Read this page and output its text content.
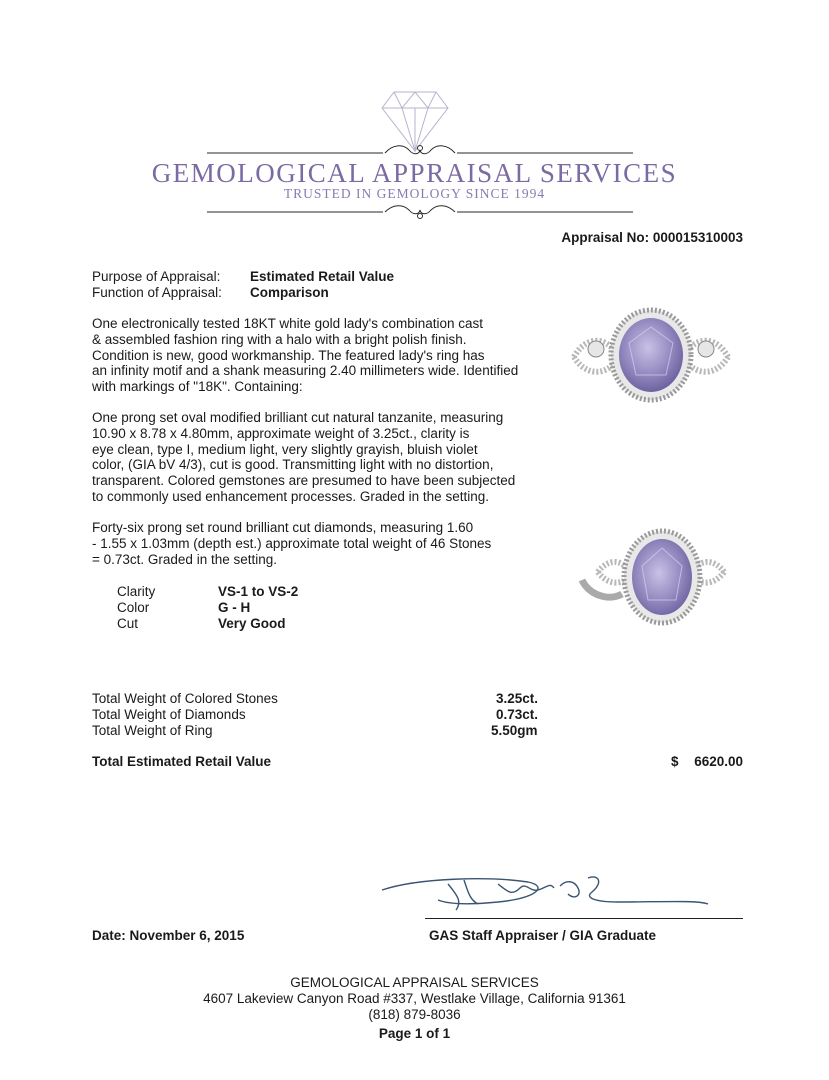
GEMOLOGICAL APPRAISAL SERVICES
TRUSTED IN GEMOLOGY SINCE 1994
Appraisal No: 000015310003
Purpose of Appraisal: Estimated Retail Value
Function of Appraisal: Comparison
One electronically tested 18KT white gold lady's combination cast
& assembled fashion ring with a halo with a bright polish finish.
Condition is new, good workmanship. The featured lady's ring has
an infinity motif and a shank measuring 2.40 millimeters wide. Identified
with markings of "18K". Containing:
One prong set oval modified brilliant cut natural tanzanite, measuring
10.90 x 8.78 x 4.80mm, approximate weight of 3.25ct., clarity is
eye clean, type I, medium light, very slightly grayish, bluish violet
color, (GIA bV 4/3), cut is good. Transmitting light with no distortion,
transparent. Colored gemstones are presumed to have been subjected
to commonly used enhancement processes. Graded in the setting.
Forty-six prong set round brilliant cut diamonds, measuring 1.60
- 1.55 x 1.03mm (depth est.) approximate total weight of 46 Stones
= 0.73ct. Graded in the setting.
Clarity	VS-1 to VS-2
Color	G - H
Cut	Very Good
Total Weight of Colored Stones	3.25ct.
Total Weight of Diamonds	0.73ct.
Total Weight of Ring	5.50gm
Total Estimated Retail Value	$ 6620.00
Date: November 6, 2015	GAS Staff Appraiser / GIA Graduate
GEMOLOGICAL APPRAISAL SERVICES
4607 Lakeview Canyon Road #337, Westlake Village, California 91361
(818) 879-8036
Page 1 of 1
